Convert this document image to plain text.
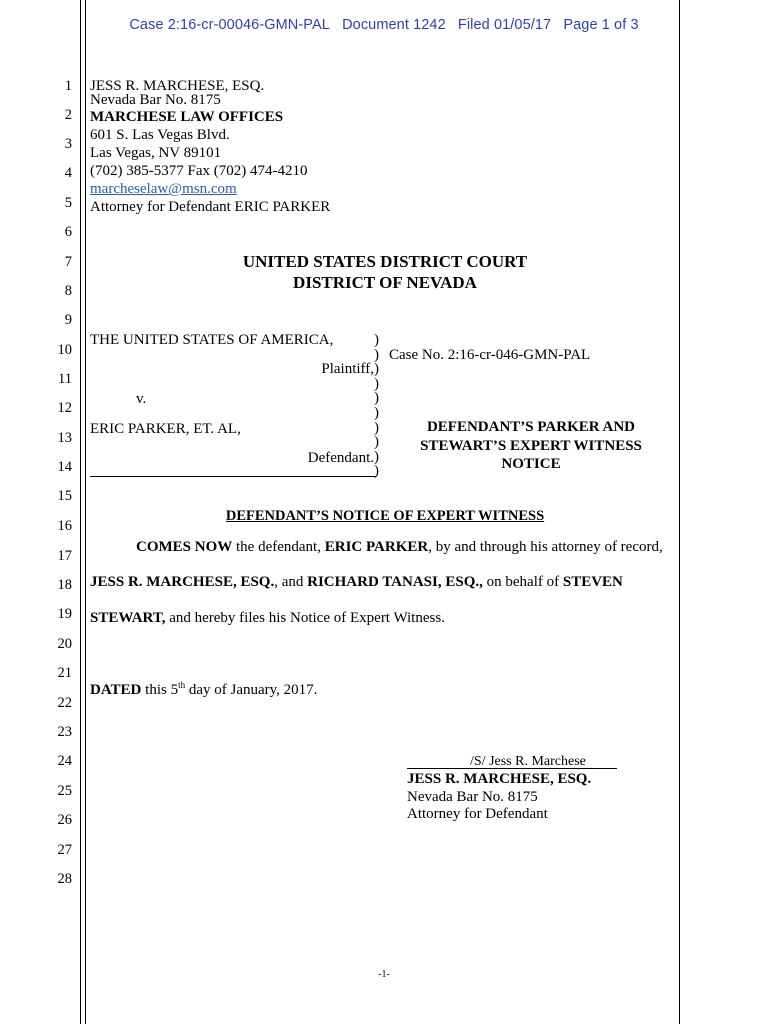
Case 2:16-cr-00046-GMN-PAL Document 1242 Filed 01/05/17 Page 1 of 3
1
2
3
4
5
6
7
8
9
10
11
12
13
14
15
16
17
18
19
20
21
22
23
24
25
26
27
28
JESS R. MARCHESE, ESQ.
Nevada Bar No. 8175
MARCHESE LAW OFFICES
601 S. Las Vegas Blvd.
Las Vegas, NV 89101
(702) 385-5377 Fax (702) 474-4210
marcheselaw@msn.com
Attorney for Defendant ERIC PARKER
UNITED STATES DISTRICT COURT
DISTRICT OF NEVADA
THE UNITED STATES OF AMERICA,
Plaintiff,
v.
ERIC PARKER, ET. AL,
Defendant.
)
)
)
)
)
)
)
)
)
)
Case No. 2:16-cr-046-GMN-PAL
DEFENDANT’S PARKER AND
STEWART’S EXPERT WITNESS
NOTICE
DEFENDANT’S NOTICE OF EXPERT WITNESS
COMES NOW the defendant, ERIC PARKER, by and through his attorney of record,
JESS R. MARCHESE, ESQ., and RICHARD TANASI, ESQ., on behalf of STEVEN
STEWART, and hereby files his Notice of Expert Witness.
DATED this 5th day of January, 2017.
/S/ Jess R. Marchese
JESS R. MARCHESE, ESQ.
Nevada Bar No. 8175
Attorney for Defendant
-1-
